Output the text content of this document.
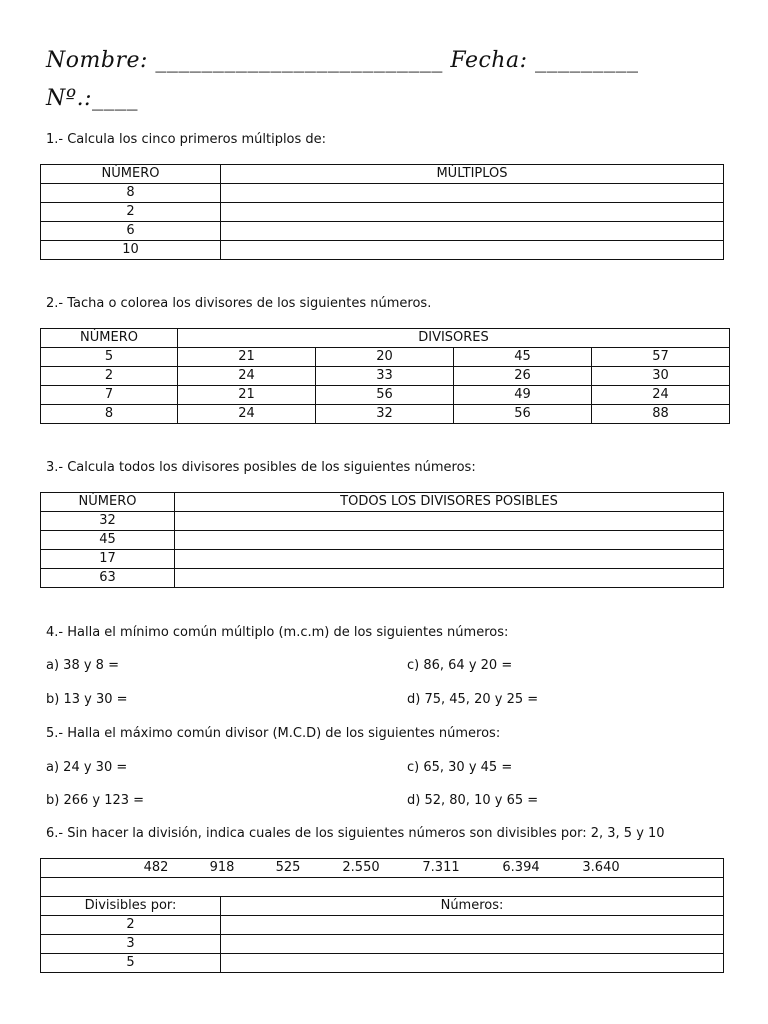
Nombre: _________________________ Fecha: _________
Nº.:____
1.- Calcula los cinco primeros múltiplos de:
NÚMERO	MÚLTIPLOS
8	
2	
6	
10	
2.- Tacha o colorea los divisores de los siguientes números.
NÚMERO	DIVISORES			
5	21	20	45	57
2	24	33	26	30
7	21	56	49	24
8	24	32	56	88
3.- Calcula todos los divisores posibles de los siguientes números:
NÚMERO	TODOS LOS DIVISORES POSIBLES
32	
45	
17	
63	
4.- Halla el mínimo común múltiplo (m.c.m) de los siguientes números:
a) 38 y 8 =	c) 86, 64 y 20 =
b) 13 y 30 =	d) 75, 45, 20 y 25 =
5.- Halla el máximo común divisor (M.C.D) de los siguientes números:
a) 24 y 30 =	c) 65, 30 y 45 =
b) 266 y 123 =	d) 52, 80, 10 y 65 =
6.- Sin hacer la división, indica cuales de los siguientes números son divisibles por: 2, 3, 5 y 10
482 918 525 2.550 7.311 6.394 3.640	

Divisibles por:	Números:
2	
3	
5	
